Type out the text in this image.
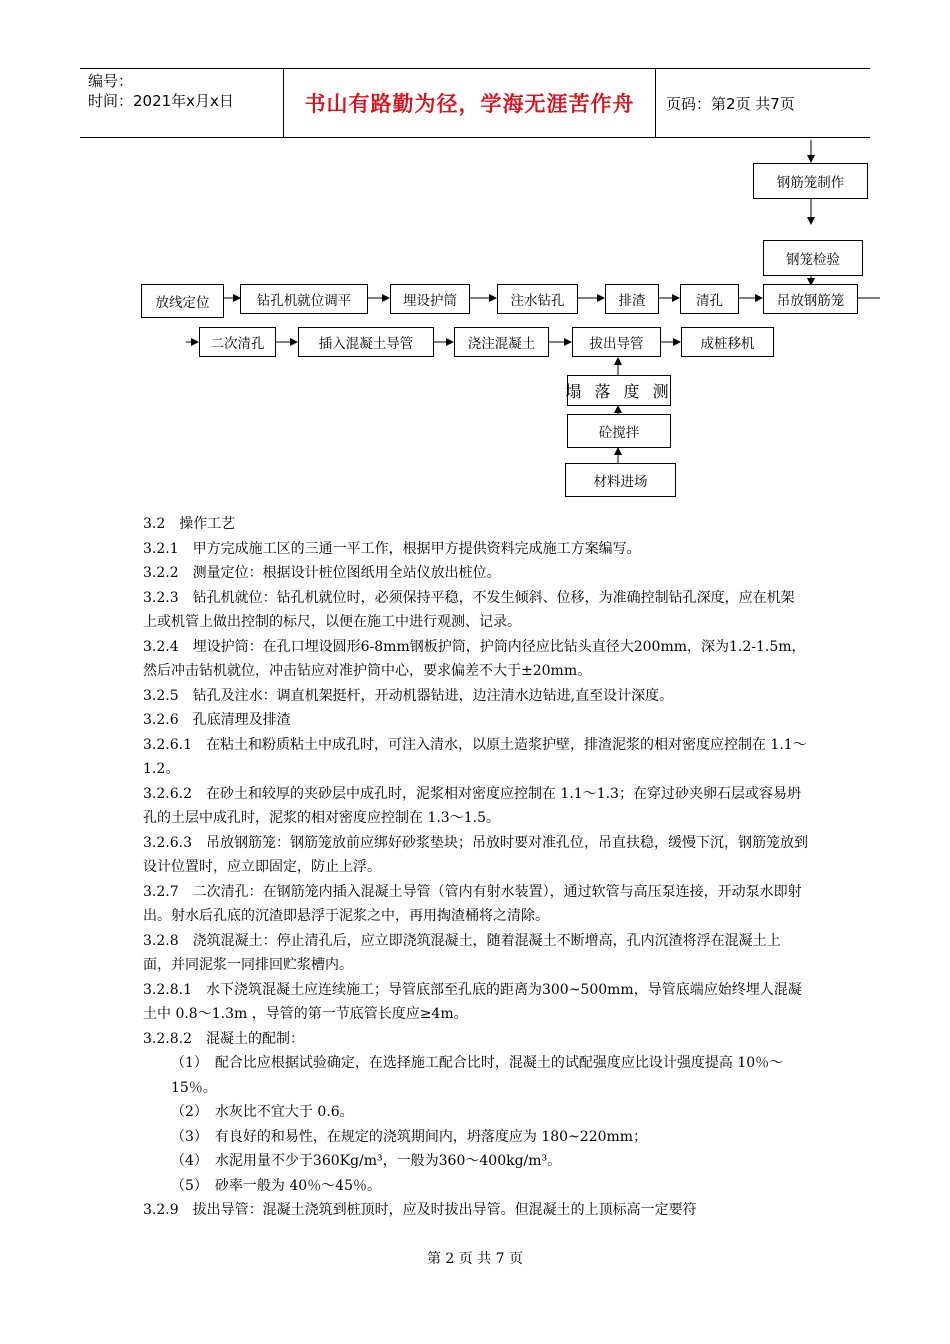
编号：
时间：2021年x月x日	书山有路勤为径，学海无涯苦作舟	页码：第2页 共7页
钢筋笼制作
钢笼检验
放线定位	钻孔机就位调平	埋设护筒	注水钻孔	排渣	清孔	吊放钢筋笼
二次清孔	插入混凝土导管	浇注混凝土	拔出导管	成桩移机
塌 落 度 测
砼搅拌
材料进场

3.2　操作工艺

3.2.1　甲方完成施工区的三通一平工作，根据甲方提供资料完成施工方案编写。

3.2.2　测量定位：根据设计桩位图纸用全站仪放出桩位。

3.2.3　钻孔机就位：钻孔机就位时，必须保持平稳，不发生倾斜、位移，为准确控制钻孔深度，应在机架上或机管上做出控制的标尺，以便在施工中进行观测、记录。

3.2.4　埋设护筒：在孔口埋设圆形6-8mm钢板护筒，护筒内径应比钻头直径大200mm，深为1.2-1.5m，然后冲击钻机就位，冲击钻应对准护筒中心，要求偏差不大于±20mm。

3.2.5　钻孔及注水：调直机架挺杆，开动机器钻进，边注清水边钻进,直至设计深度。

3.2.6　孔底清理及排渣

3.2.6.1　在粘土和粉质粘土中成孔时，可注入清水，以原土造浆护壁，排渣泥浆的相对密度应控制在 1.1～1.2。

3.2.6.2　在砂土和较厚的夹砂层中成孔时，泥浆相对密度应控制在 1.1～1.3；在穿过砂夹卵石层或容易坍孔的土层中成孔时，泥浆的相对密度应控制在 1.3～1.5。

3.2.6.3　吊放钢筋笼：钢筋笼放前应绑好砂浆垫块；吊放时要对准孔位，吊直扶稳，缓慢下沉，钢筋笼放到设计位置时，应立即固定，防止上浮。

3.2.7　二次清孔：在钢筋笼内插入混凝土导管（管内有射水装置），通过软管与高压泵连接，开动泵水即射出。射水后孔底的沉渣即悬浮于泥浆之中，再用掏渣桶将之清除。

3.2.8　浇筑混凝土：停止清孔后，应立即浇筑混凝土，随着混凝土不断增高，孔内沉渣将浮在混凝土上面，并同泥浆一同排回贮浆槽内。

3.2.8.1　水下浇筑混凝土应连续施工；导管底部至孔底的距离为300~500mm，导管底端应始终埋人混凝土中 0.8～1.3m ，导管的第一节底管长度应≥4m。

3.2.8.2　混凝土的配制：

（1）　配合比应根据试验确定，在选择施工配合比时，混凝土的试配强度应比设计强度提高 10％～15％。

（2）　水灰比不宜大于 0.6。

（3）　有良好的和易性，在规定的浇筑期间内，坍落度应为 180~220mm；

（4）　水泥用量不少于360Kg/m³，一般为360～400kg/m³。

（5）　砂率一般为 40％～45％。

3.2.9　拔出导管：混凝土浇筑到桩顶时，应及时拔出导管。但混凝土的上顶标高一定要符

第 2 页 共 7 页
